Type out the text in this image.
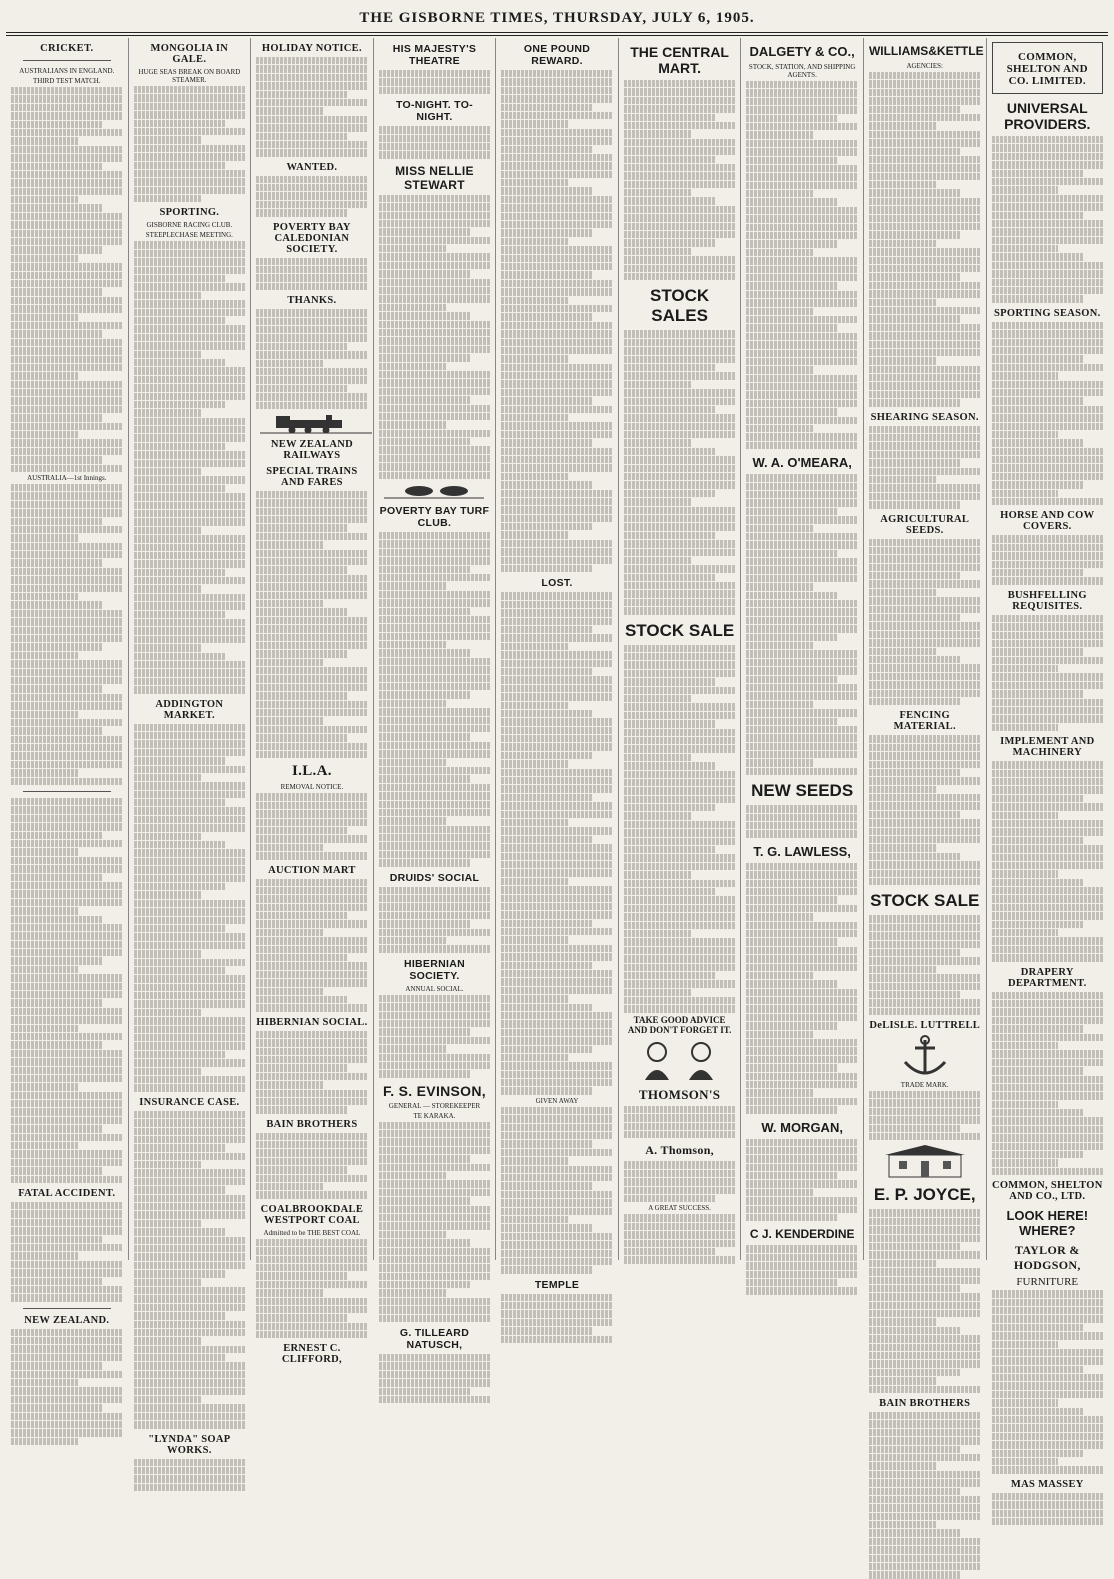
THE GISBORNE TIMES, THURSDAY, JULY 6, 1905.
CRICKET.
AUSTRALIANS IN ENGLAND.
THIRD TEST MATCH.
AUSTRALIA—1st Innings.
FATAL ACCIDENT.
NEW ZEALAND.
MONGOLIA IN GALE.
HUGE SEAS BREAK ON BOARD STEAMER.
SPORTING.
GISBORNE RACING CLUB.
STEEPLECHASE MEETING.
ADDINGTON MARKET.
INSURANCE CASE.
"LYNDA" SOAP WORKS.
HOLIDAY NOTICE.
WANTED.
POVERTY BAY CALEDONIAN SOCIETY.
THANKS.
NEW ZEALAND RAILWAYS
SPECIAL TRAINS AND FARES
I.L.A.
REMOVAL NOTICE.
AUCTION MART
HIBERNIAN SOCIAL.
BAIN BROTHERS
COALBROOKDALE WESTPORT COAL
Admitted to be THE BEST COAL
ERNEST C. CLIFFORD,
HIS MAJESTY'S THEATRE
TO-NIGHT. TO-NIGHT.
MISS NELLIE STEWART
POVERTY BAY TURF CLUB.
DRUIDS' SOCIAL
HIBERNIAN SOCIETY.
ANNUAL SOCIAL.
F. S. EVINSON,
GENERAL — STOREKEEPER
TE KARAKA.
G. TILLEARD NATUSCH,
ONE POUND REWARD.
LOST.
GIVEN AWAY
TEMPLE
THE CENTRAL MART.
STOCK SALES
STOCK SALE
TAKE GOOD ADVICE AND DON'T FORGET IT.
THOMSON'S
A. Thomson,
A GREAT SUCCESS.
DALGETY & CO.,
STOCK, STATION, AND SHIPPING AGENTS.
W. A. O'MEARA,
NEW SEEDS
T. G. LAWLESS,
W. MORGAN,
C J. KENDERDINE
WILLIAMS&KETTLE
AGENCIES:
SHEARING SEASON.
AGRICULTURAL SEEDS.
FENCING MATERIAL.
STOCK SALE
DeLISLE. LUTTRELL
TRADE MARK.
E. P. JOYCE,
BAIN BROTHERS
COMMON, SHELTON AND CO. LIMITED.
UNIVERSAL PROVIDERS.
SPORTING SEASON.
HORSE AND COW COVERS.
BUSHFELLING REQUISITES.
IMPLEMENT AND MACHINERY
DRAPERY DEPARTMENT.
COMMON, SHELTON AND CO., LTD.
LOOK HERE! WHERE?
TAYLOR & HODGSON,
FURNITURE
MAS MASSEY
